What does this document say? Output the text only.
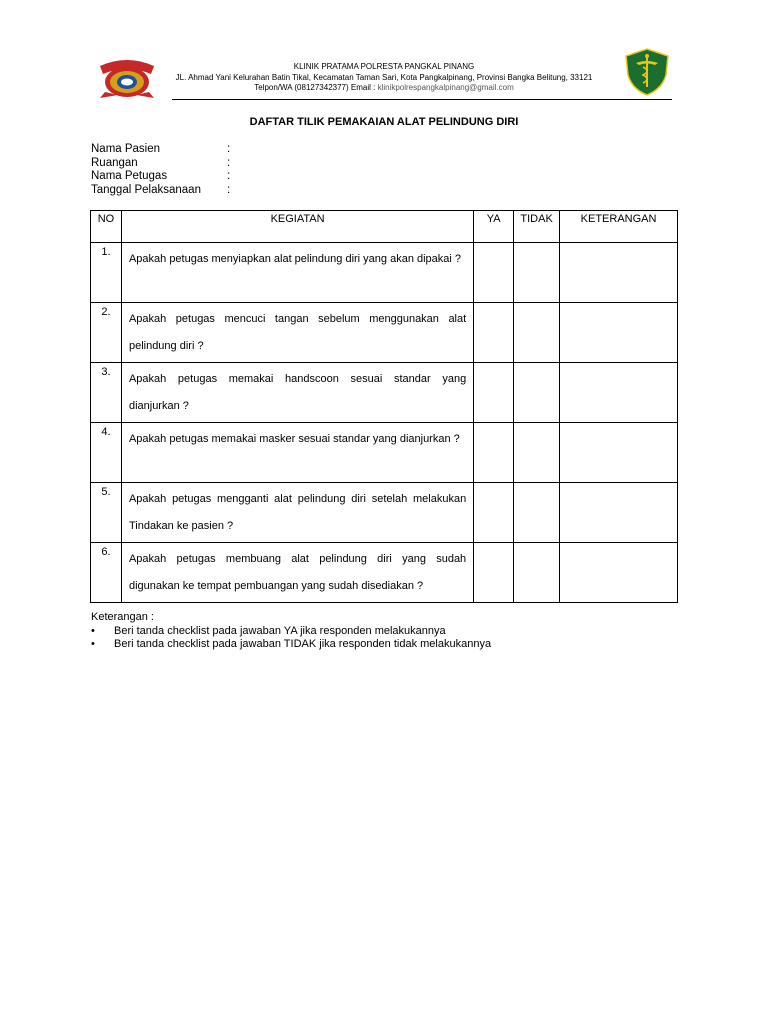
KLINIK PRATAMA POLRESTA PANGKAL PINANG
JL. Ahmad Yani Kelurahan Batin Tikal, Kecamatan Taman Sari, Kota Pangkalpinang, Provinsi Bangka Belitung, 33121
Telpon/WA (08127342377) Email : klinikpolrespangkalpinang@gmail.com
DAFTAR TILIK PEMAKAIAN ALAT PELINDUNG DIRI
Nama Pasien	:
Ruangan	:
Nama Petugas	:
Tanggal Pelaksanaan	:
NO	KEGIATAN	YA	TIDAK	KETERANGAN
1.	Apakah petugas menyiapkan alat pelindung diri yang akan dipakai ?			

2.	Apakah petugas mencuci tangan sebelum menggunakan alat pelindung diri ?			

3.	Apakah petugas memakai handscoon sesuai standar yang dianjurkan ?			

4.	Apakah petugas memakai masker sesuai standar yang dianjurkan ?			

5.	Apakah petugas mengganti alat pelindung diri setelah melakukan Tindakan ke pasien ?			

6.	Apakah petugas membuang alat pelindung diri yang sudah digunakan ke tempat pembuangan yang sudah disediakan ?			

Keterangan :
•	Beri tanda checklist pada jawaban YA jika responden melakukannya
•	Beri tanda checklist pada jawaban TIDAK jika responden tidak melakukannya
